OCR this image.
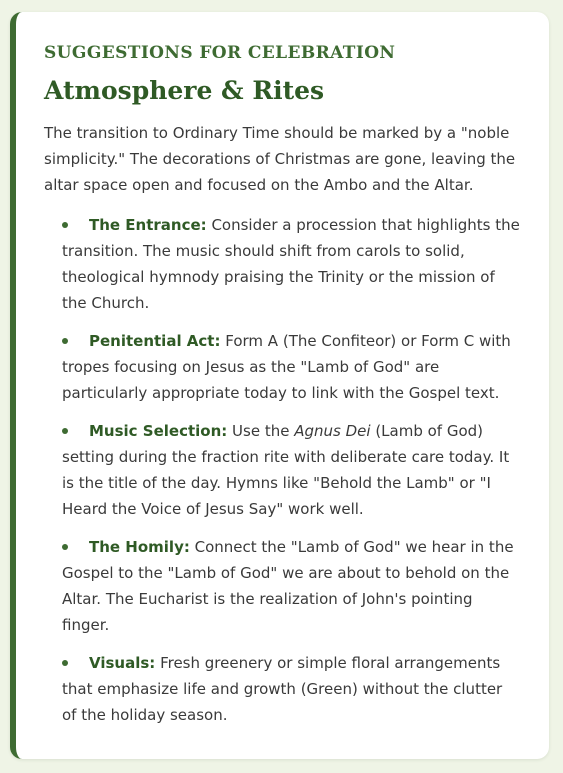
SUGGESTIONS FOR CELEBRATION
Atmosphere & Rites

The transition to Ordinary Time should be marked by a "noble simplicity." The decorations of Christmas are gone, leaving the altar space open and focused on the Ambo and the Altar.

The Entrance: Consider a procession that highlights the transition. The music should shift from carols to solid, theological hymnody praising the Trinity or the mission of the Church.
Penitential Act: Form A (The Confiteor) or Form C with tropes focusing on Jesus as the "Lamb of God" are particularly appropriate today to link with the Gospel text.
Music Selection: Use the Agnus Dei (Lamb of God) setting during the fraction rite with deliberate care today. It is the title of the day. Hymns like "Behold the Lamb" or "I Heard the Voice of Jesus Say" work well.
The Homily: Connect the "Lamb of God" we hear in the Gospel to the "Lamb of God" we are about to behold on the Altar. The Eucharist is the realization of John's pointing finger.
Visuals: Fresh greenery or simple floral arrangements that emphasize life and growth (Green) without the clutter of the holiday season.
